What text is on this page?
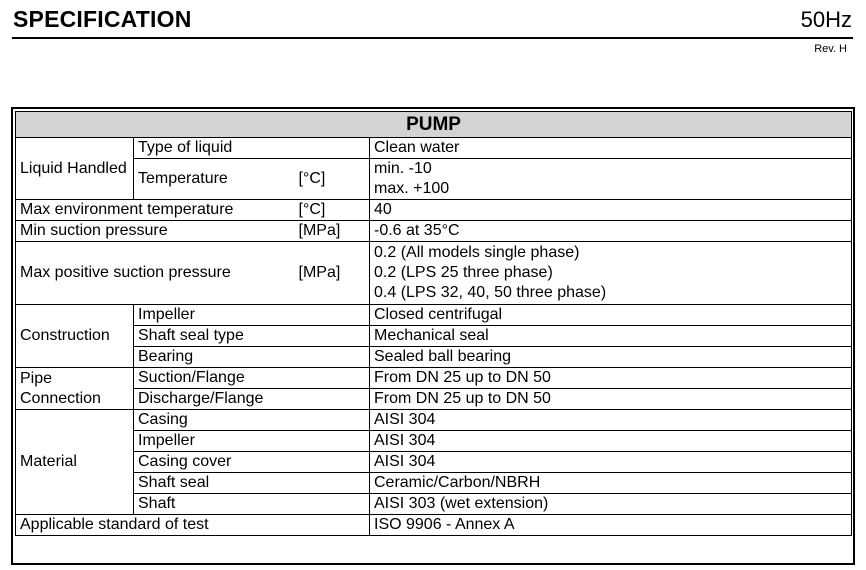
SPECIFICATION	50Hz
Rev. H
PUMP			
Liquid Handled	Type of liquid		Clean water
	Temperature	[°C]	min. -10
max. +100

Max environment temperature		[°C]	40
Min suction pressure		[MPa]	-0.6 at 35°C
Max positive suction pressure		[MPa]	0.2 (All models single phase)
0.2 (LPS 25 three phase)
0.4 (LPS 32, 40, 50 three phase)

Construction	Impeller		Closed centrifugal
	Shaft seal type		Mechanical seal
	Bearing		Sealed ball bearing
Pipe Connection	Suction/Flange		From DN 25 up to DN 50
	Discharge/Flange		From DN 25 up to DN 50
Material	Casing		AISI 304
	Impeller		AISI 304
	Casing cover		AISI 304
	Shaft seal		Ceramic/Carbon/NBRH
	Shaft		AISI 303 (wet extension)
Applicable standard of test			ISO 9906 - Annex A
